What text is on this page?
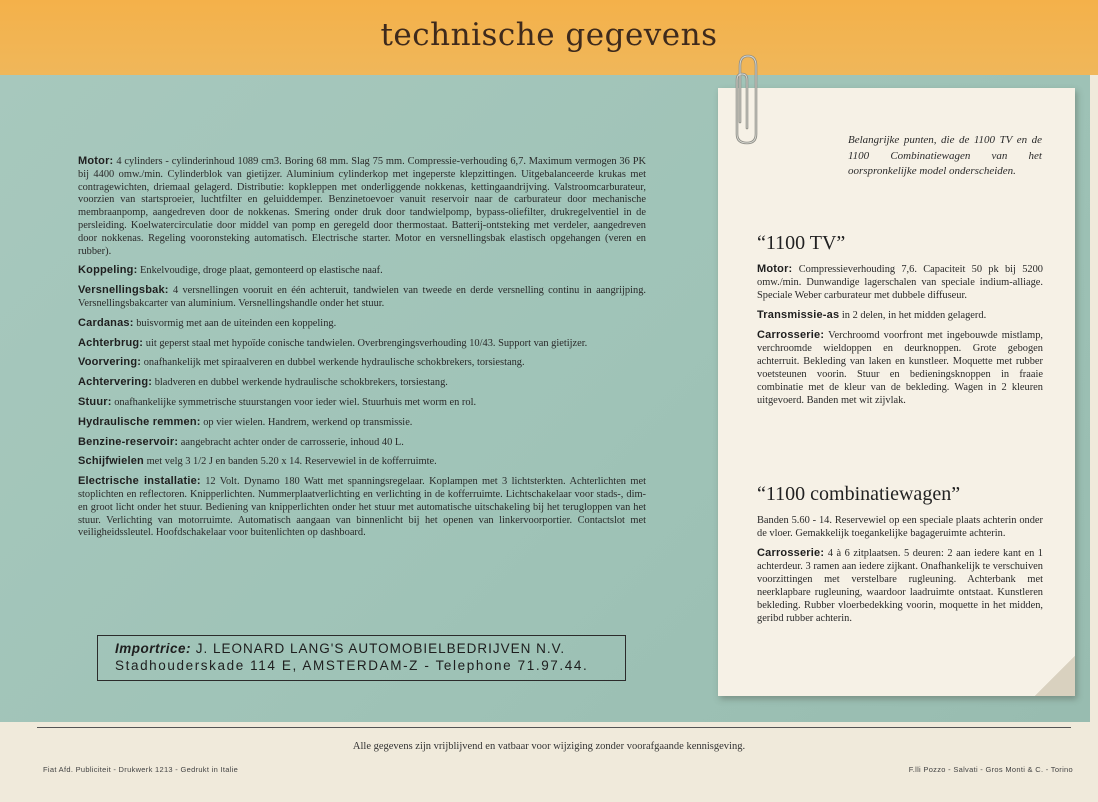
technische gegevens

Motor: 4 cylinders - cylinderinhoud 1089 cm3. Boring 68 mm. Slag 75 mm. Compressie-verhouding 6,7. Maximum vermogen 36 PK bij 4400 omw./min. Cylinderblok van gietijzer. Aluminium cylinderkop met ingeperste klepzittingen. Uitgebalanceerde krukas met contragewichten, driemaal gelagerd. Distributie: kopkleppen met onderliggende nokkenas, kettingaandrijving. Valstroomcarburateur, voorzien van startsproeier, luchtfilter en geluiddemper. Benzinetoevoer vanuit reservoir naar de carburateur door mechanische membraanpomp, aangedreven door de nokkenas. Smering onder druk door tandwielpomp, bypass-oliefilter, drukregelventiel in de persleiding. Koelwatercirculatie door middel van pomp en geregeld door thermostaat. Batterij-ontsteking met verdeler, aangedreven door nokkenas. Regeling vooronsteking automatisch. Electrische starter. Motor en versnellingsbak elastisch opgehangen (veren en rubber).

Koppeling: Enkelvoudige, droge plaat, gemonteerd op elastische naaf.

Versnellingsbak: 4 versnellingen vooruit en één achteruit, tandwielen van tweede en derde versnelling continu in aangrijping. Versnellingsbakcarter van aluminium. Versnellingshandle onder het stuur.

Cardanas: buisvormig met aan de uiteinden een koppeling.

Achterbrug: uit geperst staal met hypoïde conische tandwielen. Overbrengingsverhouding 10/43. Support van gietijzer.

Voorvering: onafhankelijk met spiraalveren en dubbel werkende hydraulische schokbrekers, torsiestang.

Achtervering: bladveren en dubbel werkende hydraulische schokbrekers, torsiestang.

Stuur: onafhankelijke symmetrische stuurstangen voor ieder wiel. Stuurhuis met worm en rol.

Hydraulische remmen: op vier wielen. Handrem, werkend op transmissie.

Benzine-reservoir: aangebracht achter onder de carrosserie, inhoud 40 L.

Schijfwielen met velg 3 1/2 J en banden 5.20 x 14. Reservewiel in de kofferruimte.

Electrische installatie: 12 Volt. Dynamo 180 Watt met spanningsregelaar. Koplampen met 3 lichtsterkten. Achterlichten met stoplichten en reflectoren. Knipperlichten. Nummerplaatverlichting en verlichting in de kofferruimte. Lichtschakelaar voor stads-, dim- en groot licht onder het stuur. Bediening van knipperlichten onder het stuur met automatische uitschakeling bij het terugloppen van het stuur. Verlichting van motorruimte. Automatisch aangaan van binnenlicht bij het openen van linkervoorportier. Contactslot met veiligheidssleutel. Hoofdschakelaar voor buitenlichten op dashboard.

Importrice: J. LEONARD LANG'S AUTOMOBIELBEDRIJVEN N.V.
Stadhouderskade 114 E, AMSTERDAM-Z - Telephone 71.97.44.
Belangrijke punten, die de 1100 TV en de 1100 Combinatiewagen van het oorspronkelijke model onderscheiden.
“1100 TV”

Motor: Compressieverhouding 7,6. Capaciteit 50 pk bij 5200 omw./min. Dunwandige lagerschalen van speciale indium-alliage. Speciale Weber carburateur met dubbele diffuseur.

Transmissie-as in 2 delen, in het midden gelagerd.

Carrosserie: Verchroomd voorfront met ingebouwde mistlamp, verchroomde wieldoppen en deurknoppen. Grote gebogen achterruit. Bekleding van laken en kunstleer. Moquette met rubber voetsteunen voorin. Stuur en bedieningsknoppen in fraaie combinatie met de kleur van de bekleding. Wagen in 2 kleuren uitgevoerd. Banden met wit zijvlak.

“1100 combinatiewagen”

Banden 5.60 - 14. Reservewiel op een speciale plaats achterin onder de vloer. Gemakkelijk toegankelijke bagageruimte achterin.

Carrosserie: 4 à 6 zitplaatsen. 5 deuren: 2 aan iedere kant en 1 achterdeur. 3 ramen aan iedere zijkant. Onafhankelijk te verschuiven voorzittingen met verstelbare rugleuning. Achterbank met neerklapbare rugleuning, waardoor laadruimte ontstaat. Kunstleren bekleding. Rubber vloerbedekking voorin, moquette in het midden, geribd rubber achterin.

Alle gegevens zijn vrijblijvend en vatbaar voor wijziging zonder voorafgaande kennisgeving.
Fiat Afd. Publiciteit - Drukwerk 1213 - Gedrukt in Italie	F.lli Pozzo - Salvati - Gros Monti & C. - Torino
